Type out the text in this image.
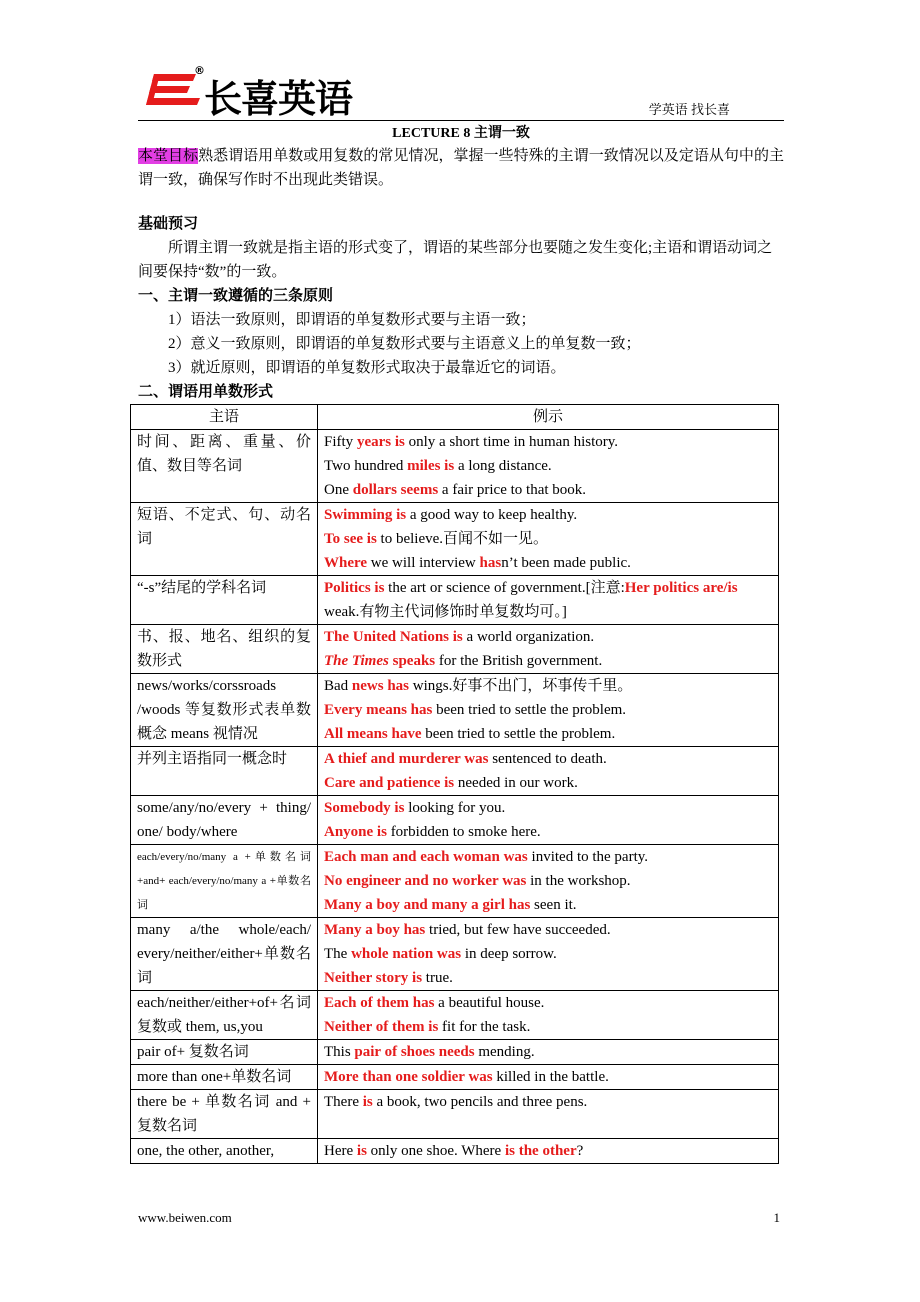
®
长喜英语	学英语 找长喜
LECTURE 8 主谓一致
本堂目标熟悉谓语用单数或用复数的常见情况，掌握一些特殊的主谓一致情况以及定语从句中的主谓一致，确保写作时不出现此类错误。
基础预习
所谓主谓一致就是指主语的形式变了，谓语的某些部分也要随之发生变化;主语和谓语动词之间要保持“数”的一致。
一、主谓一致遵循的三条原则
1）语法一致原则，即谓语的单复数形式要与主语一致；
2）意义一致原则，即谓语的单复数形式要与主语意义上的单复数一致；
3）就近原则，即谓语的单复数形式取决于最靠近它的词语。
二、谓语用单数形式
主语	例示
时间、距离、重量、价值、数目等名词	Fifty years is only a short time in human history.
Two hundred miles is a long distance.
One dollars seems a fair price to that book.

短语、不定式、句、动名词	Swimming is a good way to keep healthy.
To see is to believe.百闻不如一见。
Where we will interview hasn’t been made public.

“-s”结尾的学科名词	Politics is the art or science of government.[注意:Her politics are/is weak.有物主代词修饰时单复数均可。]

书、报、地名、组织的复数形式	The United Nations is a world organization.
The Times speaks for the British government.

news/works/corssroads /woods 等复数形式表单数概念 means 视情况	Bad news has wings.好事不出门，坏事传千里。
Every means has been tried to settle the problem.
All means have been tried to settle the problem.

并列主语指同一概念时	A thief and murderer was sentenced to death.
Care and patience is needed in our work.

some/any/no/every + thing/ one/ body/where	Somebody is looking for you.
Anyone is forbidden to smoke here.

each/every/no/many a +单数名词+and+ each/every/no/many a +单数名词	Each man and each woman was invited to the party.
No engineer and no worker was in the workshop.
Many a boy and many a girl has seen it.

many a/the whole/each/ every/neither/either+单数名词	Many a boy has tried, but few have succeeded.
The whole nation was in deep sorrow.
Neither story is true.

each/neither/either+of+名词复数或 them, us,you	Each of them has a beautiful house.
Neither of them is fit for the task.

pair of+ 复数名词	This pair of shoes needs mending.

more than one+单数名词	More than one soldier was killed in the battle.

there be + 单数名词 and + 复数名词	There is a book, two pencils and three pens.

one, the other, another,	Here is only one shoe. Where is the other?
www.beiwen.com	1
